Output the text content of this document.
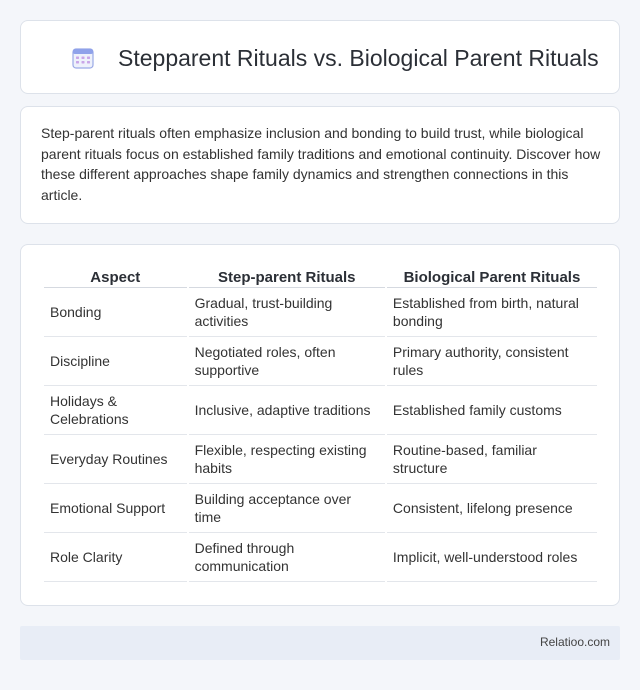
Stepparent Rituals vs. Biological Parent Rituals

Step-parent rituals often emphasize inclusion and bonding to build trust, while biological parent rituals focus on established family traditions and emotional continuity. Discover how these different approaches shape family dynamics and strengthen connections in this article.

Aspect	Step-parent Rituals	Biological Parent Rituals
Bonding	Gradual, trust-building activities	Established from birth, natural bonding
Discipline	Negotiated roles, often supportive	Primary authority, consistent rules
Holidays & Celebrations	Inclusive, adaptive traditions	Established family customs
Everyday Routines	Flexible, respecting existing habits	Routine-based, familiar structure
Emotional Support	Building acceptance over time	Consistent, lifelong presence
Role Clarity	Defined through communication	Implicit, well-understood roles
Relatioo.com
